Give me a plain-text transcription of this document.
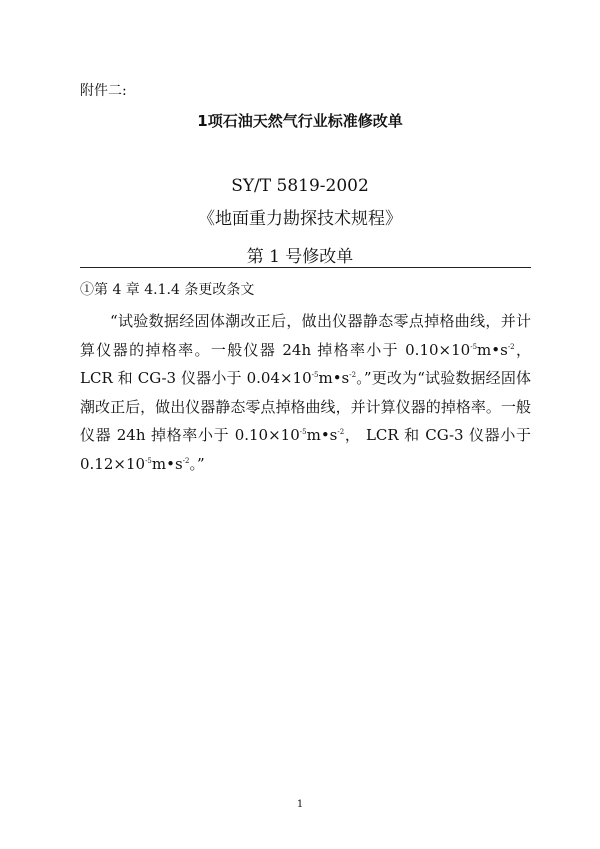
附件二:
1项石油天然气行业标准修改单
SY/T 5819-2002
《地面重力勘探技术规程》
第 1 号修改单
①第 4 章 4.1.4 条更改条文
“试验数据经固体潮改正后，做出仪器静态零点掉格曲线，并计算仪器的掉格率。一般仪器 24h 掉格率小于 $0.10\times 10^{-5}m•s^{-2}$， LCR 和 CG-3 仪器小于 $0.04\times 10^{-5}m•s^{-2}$。”更改为“试验数据经固体潮改正后，做出仪器静态零点掉格曲线，并计算仪器的掉格率。一般仪器 24h 掉格率小于 $0.10\times 10^{-5}m•s^{-2}$， LCR 和 CG-3 仪器小于 $0.12\times 10^{-5}m•s^{-2}$。”
1
